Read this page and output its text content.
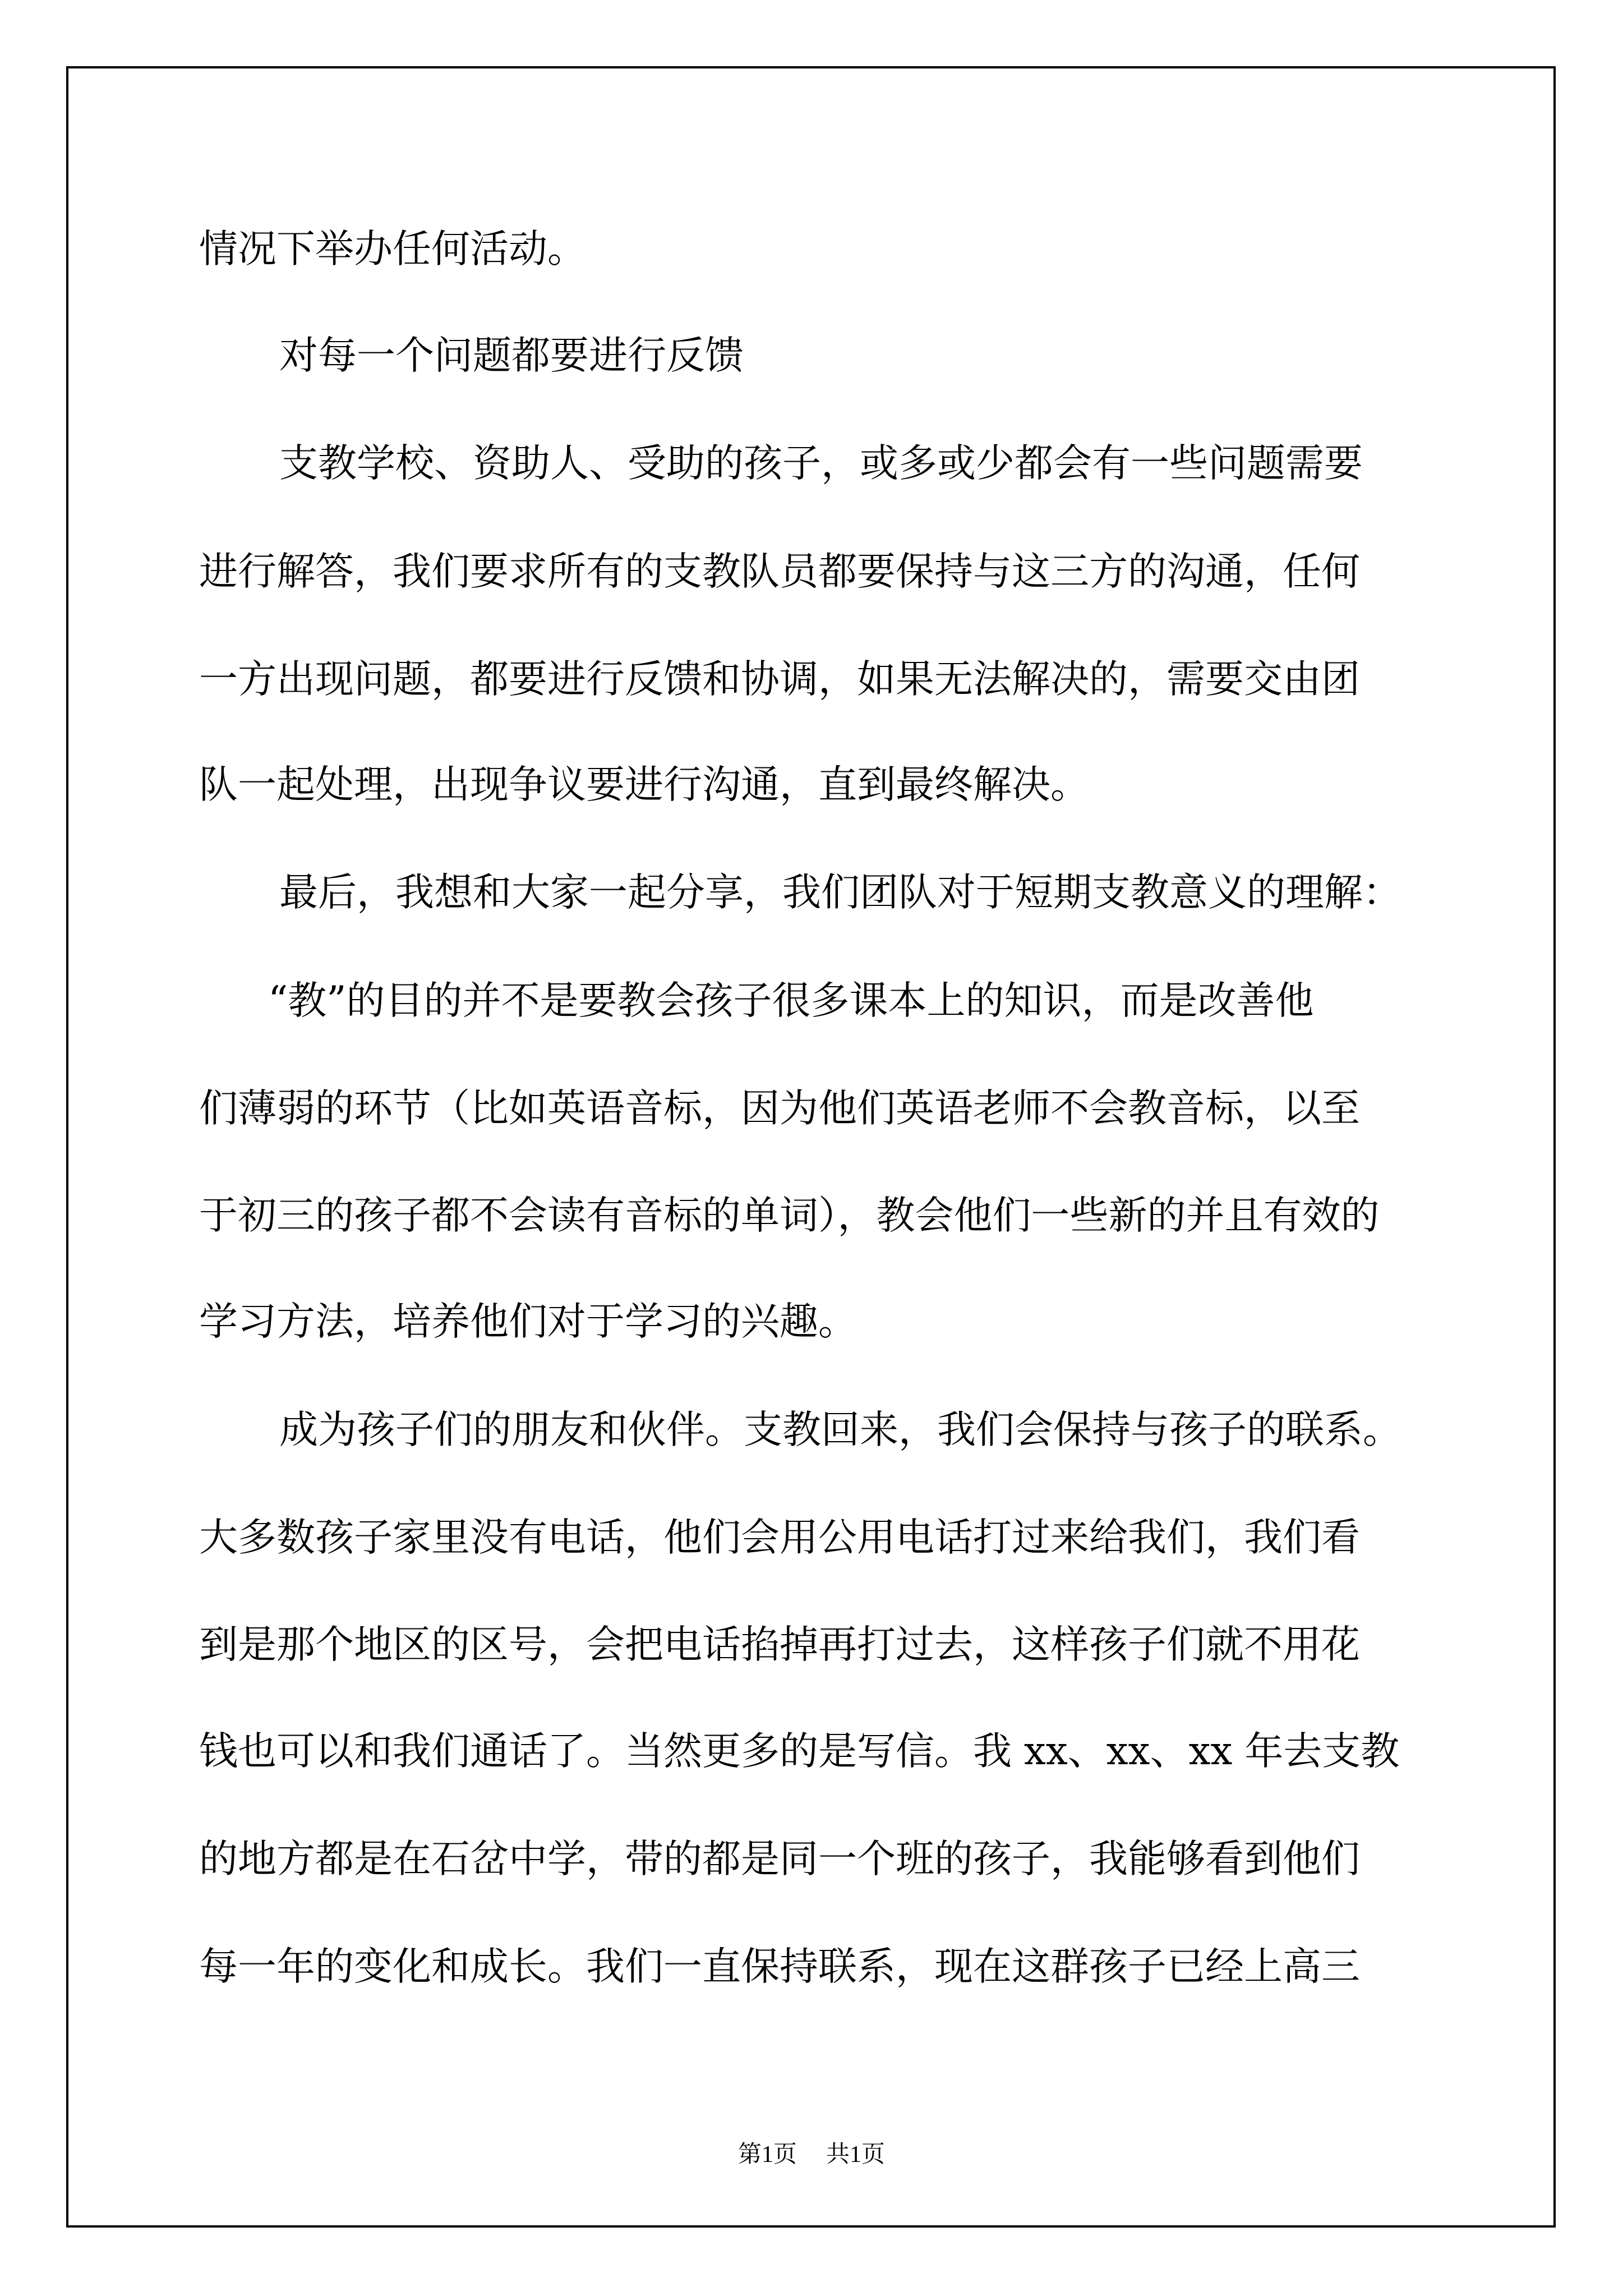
情况下举办任何活动。
对每一个问题都要进行反馈
支教学校、资助人、受助的孩子，或多或少都会有一些问题需要
进行解答，我们要求所有的支教队员都要保持与这三方的沟通，任何
一方出现问题，都要进行反馈和协调，如果无法解决的，需要交由团
队一起处理，出现争议要进行沟通，直到最终解决。
最后，我想和大家一起分享，我们团队对于短期支教意义的理解：
“教”的目的并不是要教会孩子很多课本上的知识，而是改善他
们薄弱的环节（比如英语音标，因为他们英语老师不会教音标，以至
于初三的孩子都不会读有音标的单词），教会他们一些新的并且有效的
学习方法，培养他们对于学习的兴趣。
成为孩子们的朋友和伙伴。支教回来，我们会保持与孩子的联系。
大多数孩子家里没有电话，他们会用公用电话打过来给我们，我们看
到是那个地区的区号，会把电话掐掉再打过去，这样孩子们就不用花
钱也可以和我们通话了。当然更多的是写信。我 xx、xx、xx 年去支教
的地方都是在石岔中学，带的都是同一个班的孩子，我能够看到他们
每一年的变化和成长。我们一直保持联系，现在这群孩子已经上高三
第1页 共1页
